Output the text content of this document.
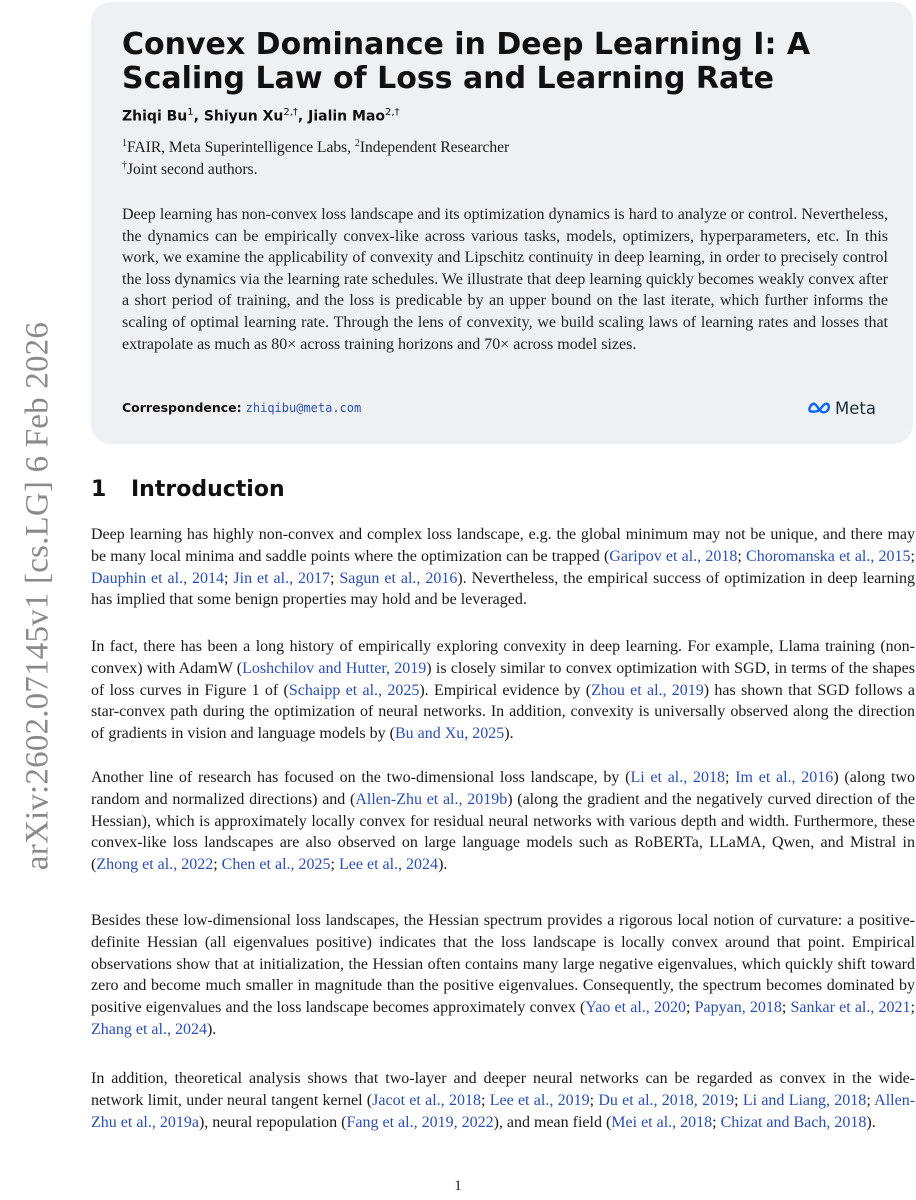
arXiv:2602.07145v1 [cs.LG] 6 Feb 2026
Convex Dominance in Deep Learning I: A Scaling Law of Loss and Learning Rate
Zhiqi Bu$^1$, Shiyun $Xu^{2,\dagger}$, Jialin Mao$^{2,\dagger}$
$^1$FAIR, Meta Superintelligence Labs, $^2$Independent Researcher
†Joint second authors.

Deep learning has non-convex loss landscape and its optimization dynamics is hard to analyze or control. Nevertheless, the dynamics can be empirically convex-like across various tasks, models, optimizers, hyperparameters, etc. In this work, we examine the applicability of convexity and Lipschitz continuity in deep learning, in order to precisely control the loss dynamics via the learning rate schedules. We illustrate that deep learning quickly becomes weakly convex after a short period of training, and the loss is predicable by an upper bound on the last iterate, which further informs the scaling of optimal learning rate. Through the lens of convexity, we build scaling laws of learning rates and losses that extrapolate as much as 80× across training horizons and 70× across model sizes.

Correspondence: zhiqibu@meta.com	Meta
1 Introduction

Deep learning has highly non-convex and complex loss landscape, e.g. the global minimum may not be unique, and there may be many local minima and saddle points where the optimization can be trapped (Garipov et al., 2018; Choromanska et al., 2015; Dauphin et al., 2014; Jin et al., 2017; Sagun et al., 2016). Nevertheless, the empirical success of optimization in deep learning has implied that some benign properties may hold and be leveraged.

In fact, there has been a long history of empirically exploring convexity in deep learning. For example, Llama training (non-convex) with AdamW (Loshchilov and Hutter, 2019) is closely similar to convex optimization with SGD, in terms of the shapes of loss curves in Figure 1 of (Schaipp et al., 2025). Empirical evidence by (Zhou et al., 2019) has shown that SGD follows a star-convex path during the optimization of neural networks. In addition, convexity is universally observed along the direction of gradients in vision and language models by (Bu and Xu, 2025).

Another line of research has focused on the two-dimensional loss landscape, by (Li et al., 2018; Im et al., 2016) (along two random and normalized directions) and (Allen-Zhu et al., 2019b) (along the gradient and the negatively curved direction of the Hessian), which is approximately locally convex for residual neural networks with various depth and width. Furthermore, these convex-like loss landscapes are also observed on large language models such as RoBERTa, LLaMA, Qwen, and Mistral in (Zhong et al., 2022; Chen et al., 2025; Lee et al., 2024).

Besides these low-dimensional loss landscapes, the Hessian spectrum provides a rigorous local notion of curvature: a positive-definite Hessian (all eigenvalues positive) indicates that the loss landscape is locally convex around that point. Empirical observations show that at initialization, the Hessian often contains many large negative eigenvalues, which quickly shift toward zero and become much smaller in magnitude than the positive eigenvalues. Consequently, the spectrum becomes dominated by positive eigenvalues and the loss landscape becomes approximately convex (Yao et al., 2020; Papyan, 2018; Sankar et al., 2021; Zhang et al., 2024).

In addition, theoretical analysis shows that two-layer and deeper neural networks can be regarded as convex in the wide-network limit, under neural tangent kernel (Jacot et al., 2018; Lee et al., 2019; Du et al., 2018, 2019; Li and Liang, 2018; Allen-Zhu et al., 2019a), neural repopulation (Fang et al., 2019, 2022), and mean field (Mei et al., 2018; Chizat and Bach, 2018).

1
